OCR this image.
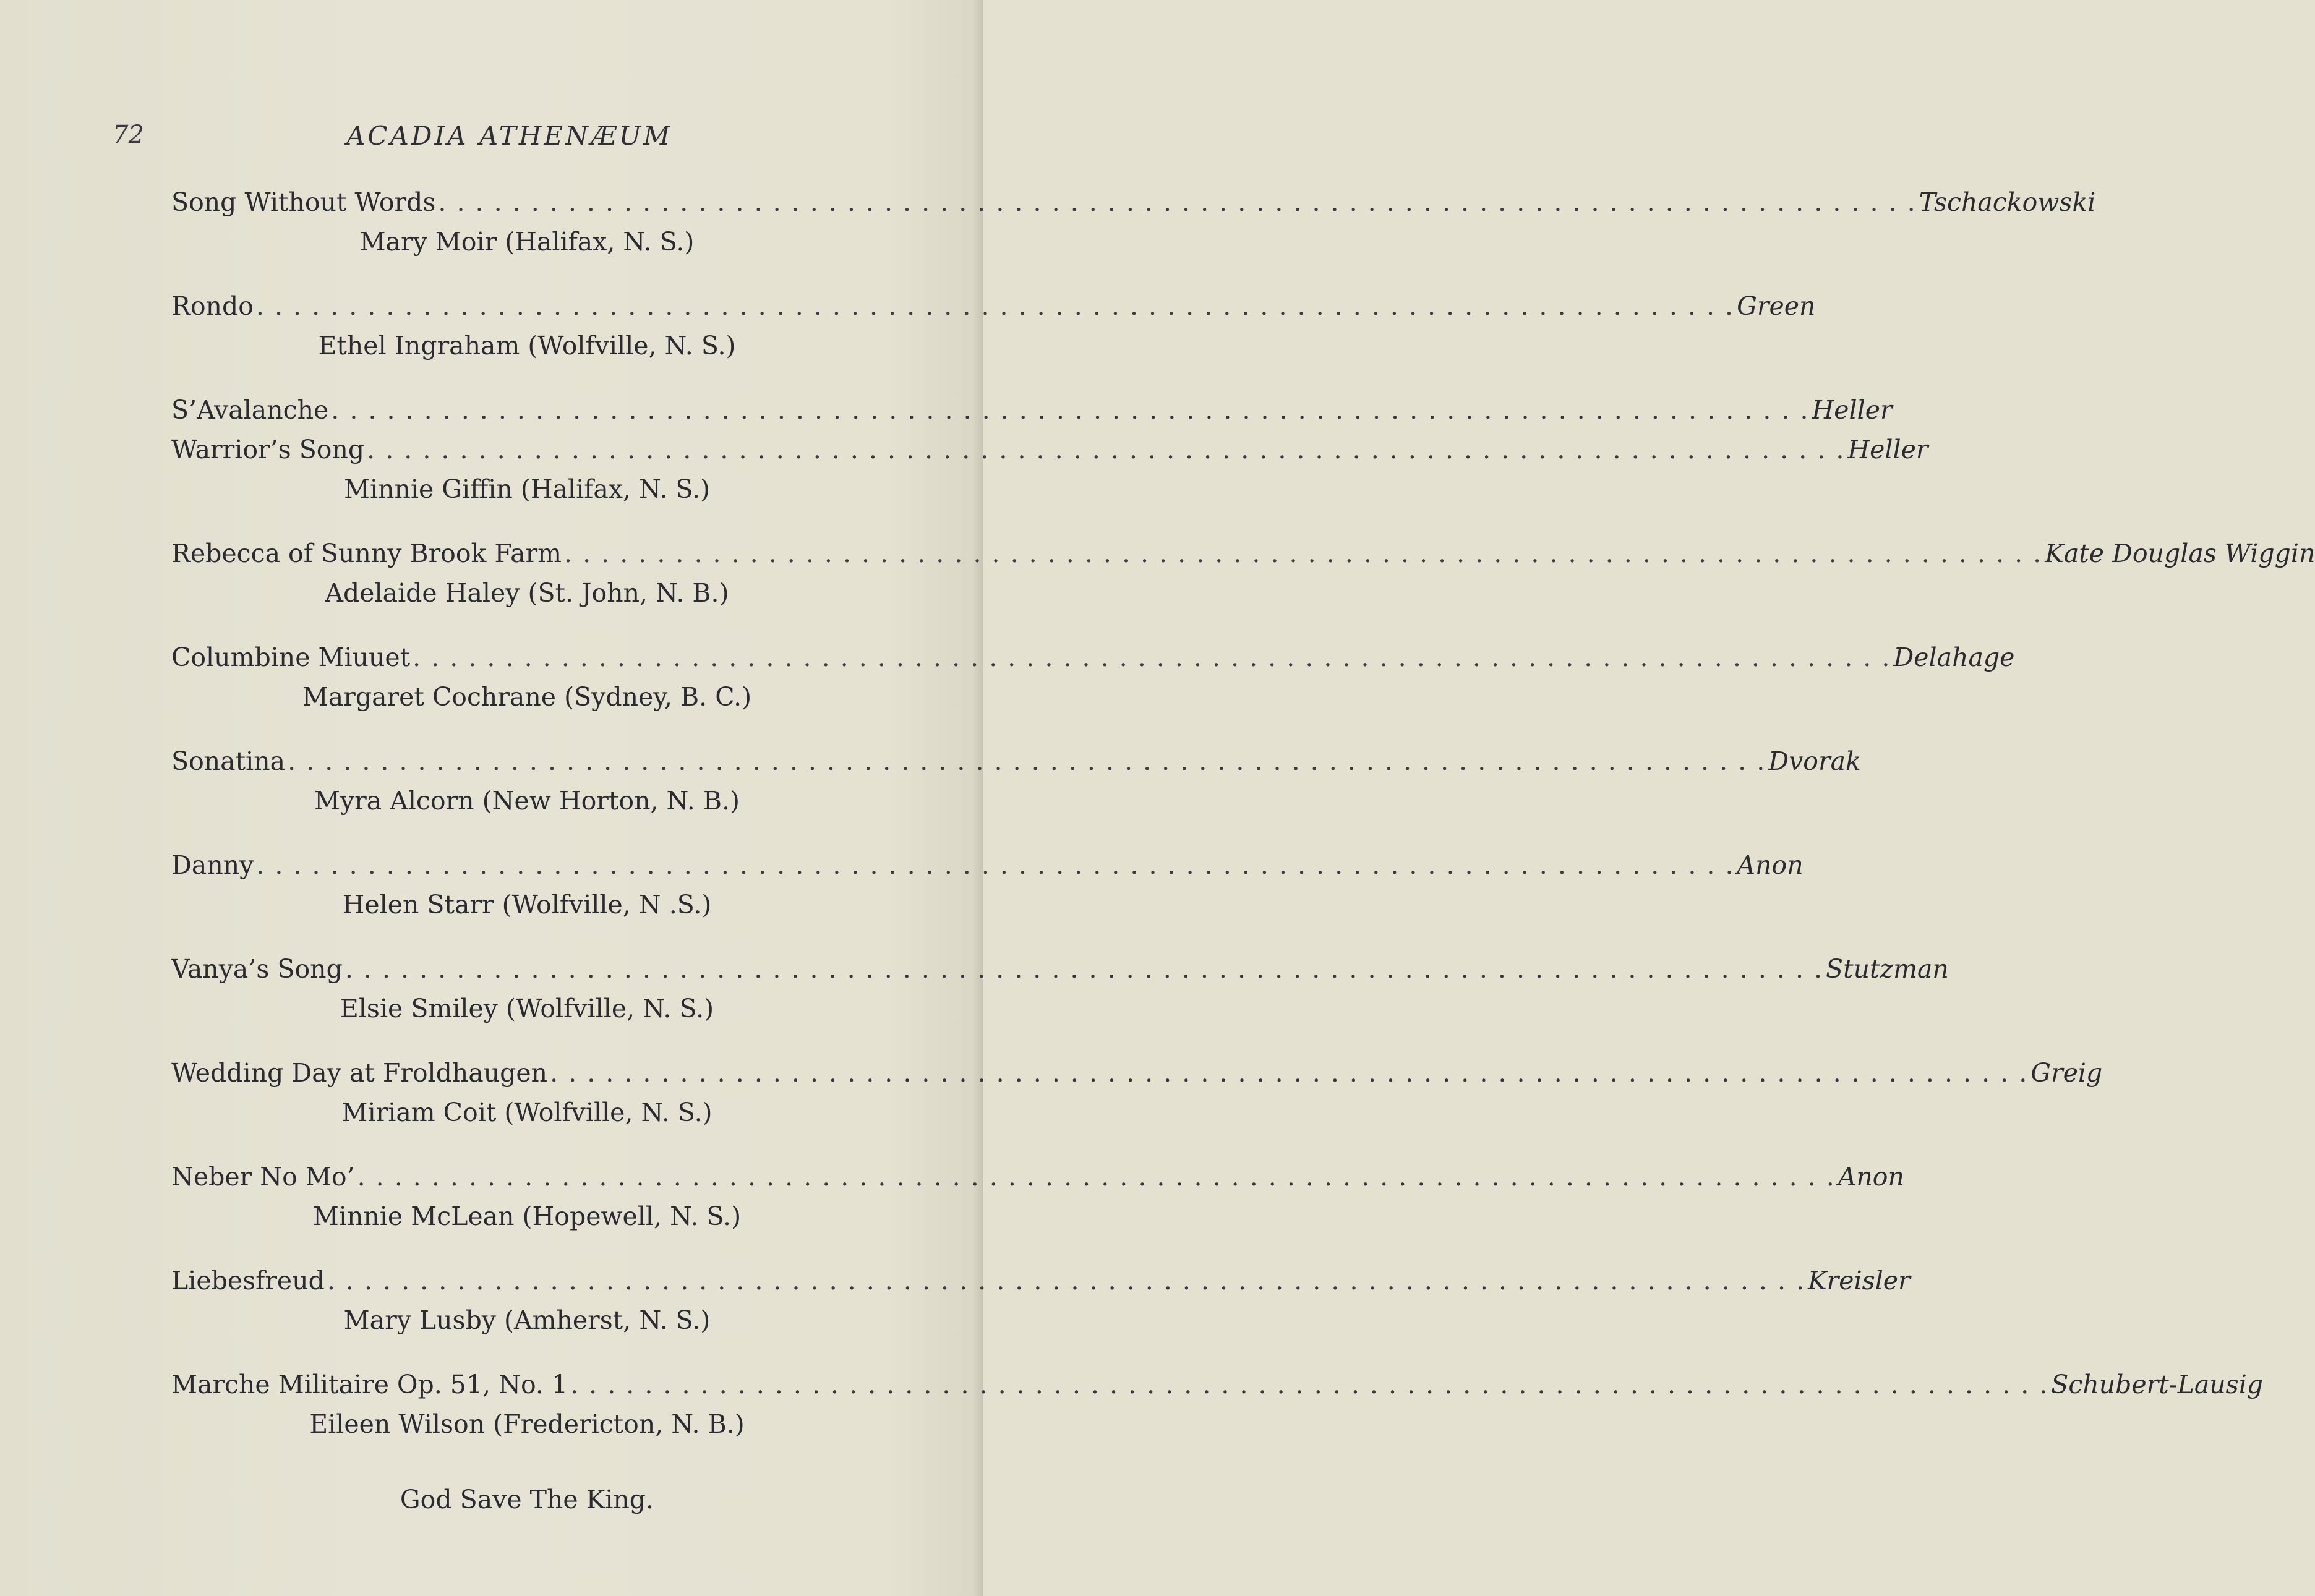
72	ACADIA ATHENÆUM
Song Without Words . . . . . . . . . . . . . . . . . . . . . . . . . . . . . . . . . . . . . . . . . . . . . . . . . . . . . . . . . . . . . . . . . . . . . . . . . . . . . . . . Tschackowski
Mary Moir (Halifax, N. S.)
Rondo . . . . . . . . . . . . . . . . . . . . . . . . . . . . . . . . . . . . . . . . . . . . . . . . . . . . . . . . . . . . . . . . . . . . . . . . . . . . . . . . Green
Ethel Ingraham (Wolfville, N. S.)
S’Avalanche . . . . . . . . . . . . . . . . . . . . . . . . . . . . . . . . . . . . . . . . . . . . . . . . . . . . . . . . . . . . . . . . . . . . . . . . . . . . . . . . Heller
Warrior’s Song . . . . . . . . . . . . . . . . . . . . . . . . . . . . . . . . . . . . . . . . . . . . . . . . . . . . . . . . . . . . . . . . . . . . . . . . . . . . . . . . Heller
Minnie Giffin (Halifax, N. S.)
Rebecca of Sunny Brook Farm . . . . . . . . . . . . . . . . . . . . . . . . . . . . . . . . . . . . . . . . . . . . . . . . . . . . . . . . . . . . . . . . . . . . . . . . . . . . . . . . Kate Douglas Wiggin
Adelaide Haley (St. John, N. B.)
Columbine Miuuet . . . . . . . . . . . . . . . . . . . . . . . . . . . . . . . . . . . . . . . . . . . . . . . . . . . . . . . . . . . . . . . . . . . . . . . . . . . . . . . . Delahage
Margaret Cochrane (Sydney, B. C.)
Sonatina . . . . . . . . . . . . . . . . . . . . . . . . . . . . . . . . . . . . . . . . . . . . . . . . . . . . . . . . . . . . . . . . . . . . . . . . . . . . . . . . Dvorak
Myra Alcorn (New Horton, N. B.)
Danny . . . . . . . . . . . . . . . . . . . . . . . . . . . . . . . . . . . . . . . . . . . . . . . . . . . . . . . . . . . . . . . . . . . . . . . . . . . . . . . . Anon
Helen Starr (Wolfville, N .S.)
Vanya’s Song . . . . . . . . . . . . . . . . . . . . . . . . . . . . . . . . . . . . . . . . . . . . . . . . . . . . . . . . . . . . . . . . . . . . . . . . . . . . . . . . Stutzman
Elsie Smiley (Wolfville, N. S.)
Wedding Day at Froldhaugen . . . . . . . . . . . . . . . . . . . . . . . . . . . . . . . . . . . . . . . . . . . . . . . . . . . . . . . . . . . . . . . . . . . . . . . . . . . . . . . . Greig
Miriam Coit (Wolfville, N. S.)
Neber No Mo’ . . . . . . . . . . . . . . . . . . . . . . . . . . . . . . . . . . . . . . . . . . . . . . . . . . . . . . . . . . . . . . . . . . . . . . . . . . . . . . . . Anon
Minnie McLean (Hopewell, N. S.)
Liebesfreud . . . . . . . . . . . . . . . . . . . . . . . . . . . . . . . . . . . . . . . . . . . . . . . . . . . . . . . . . . . . . . . . . . . . . . . . . . . . . . . . Kreisler
Mary Lusby (Amherst, N. S.)
Marche Militaire Op. 51, No. 1 . . . . . . . . . . . . . . . . . . . . . . . . . . . . . . . . . . . . . . . . . . . . . . . . . . . . . . . . . . . . . . . . . . . . . . . . . . . . . . . . Schubert-Lausig
Eileen Wilson (Fredericton, N. B.)
God Save The King.
